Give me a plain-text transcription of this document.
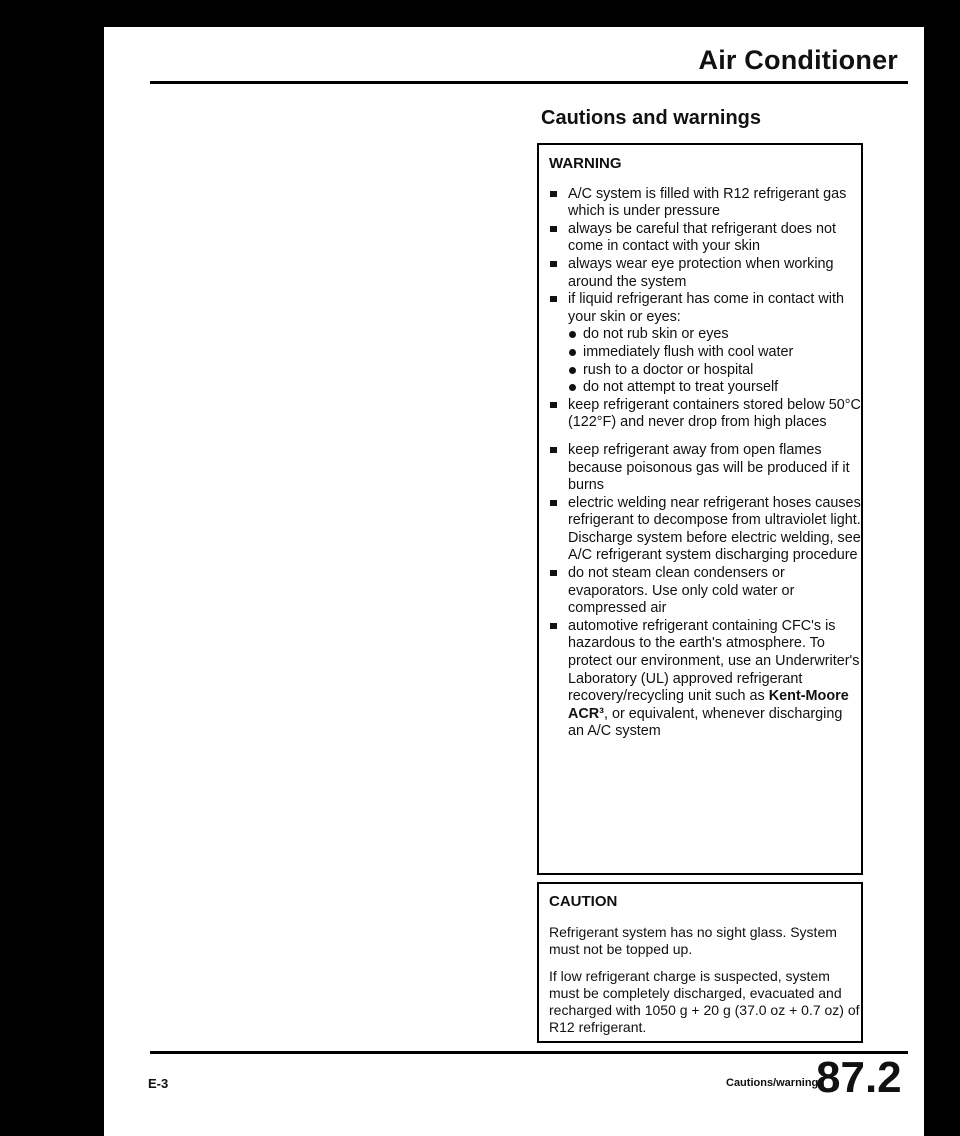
Air Conditioner
Cautions and warnings
WARNING
A/C system is filled with R12 refrigerant gas which is under pressure
always be careful that refrigerant does not come in contact with your skin
always wear eye protection when working around the system
if liquid refrigerant has come in contact with your skin or eyes:
do not rub skin or eyes
immediately flush with cool water
rush to a doctor or hospital
do not attempt to treat yourself
keep refrigerant containers stored below 50°C (122°F) and never drop from high places
keep refrigerant away from open flames because poisonous gas will be produced if it burns
electric welding near refrigerant hoses causes refrigerant to decompose from ultraviolet light. Discharge system before electric welding, see A/C refrigerant system discharging procedure
do not steam clean condensers or evaporators. Use only cold water or compressed air
automotive refrigerant containing CFC's is hazardous to the earth's atmosphere. To protect our environment, use an Underwriter's Laboratory (UL) approved refrigerant recovery/recycling unit such as Kent-Moore ACR³, or equivalent, whenever discharging an A/C system
CAUTION

Refrigerant system has no sight glass. System must not be topped up.

If low refrigerant charge is suspected, system must be completely discharged, evacuated and recharged with 1050 g + 20 g (37.0 oz + 0.7 oz) of R12 refrigerant.

E-3	Cautions/warnings
87.2
